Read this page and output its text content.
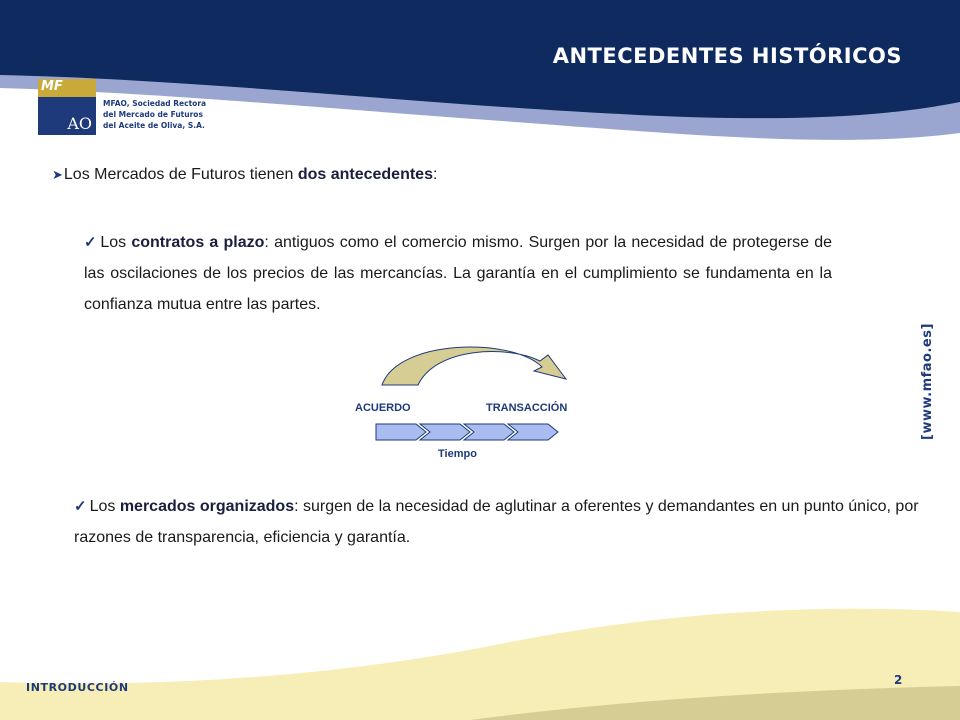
ANTECEDENTES HISTÓRICOS
MF
AO
MFAO, Sociedad Rectora
del Mercado de Futuros
del Aceite de Oliva, S.A.
[www.mfao.es]
➤Los Mercados de Futuros tienen dos antecedentes:
✓ Los contratos a plazo: antiguos como el comercio mismo. Surgen por la necesidad de protegerse de las oscilaciones de los precios de las mercancías. La garantía en el cumplimiento se fundamenta en la confianza mutua entre las partes.
ACUERDO	TRANSACCIÓN
Tiempo
✓ Los mercados organizados: surgen de la necesidad de aglutinar a oferentes y demandantes en un punto único, por razones de transparencia, eficiencia y garantía.
INTRODUCCIÓN
2
